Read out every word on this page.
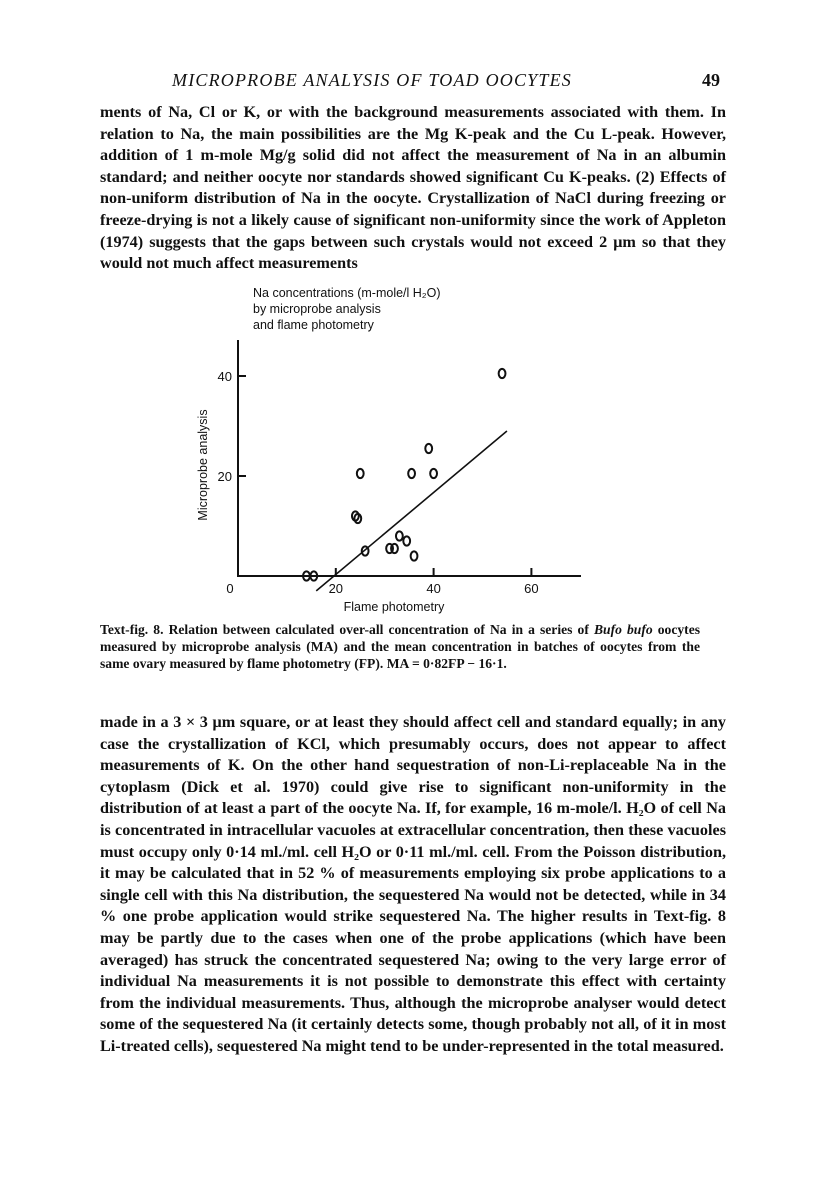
MICROPROBE ANALYSIS OF TOAD OOCYTES	49

ments of Na, Cl or K, or with the background measurements associated with them. In relation to Na, the main possibilities are the Mg K-peak and the Cu L-peak. However, addition of 1 m-mole Mg/g solid did not affect the measurement of Na in an albumin standard; and neither oocyte nor standards showed significant Cu K-peaks. (2) Effects of non-uniform distribution of Na in the oocyte. Crystallization of NaCl during freezing or freeze-drying is not a likely cause of significant non-uniformity since the work of Appleton (1974) suggests that the gaps between such crystals would not exceed 2 μm so that they would not much affect measurements

Na concentrations (m-mole/l H₂O)
by microprobe analysis
and flame photometry
20
40
20	40	60
0
Microprobe analysis
Flame photometry

Text-fig. 8. Relation between calculated over-all concentration of Na in a series of Bufo bufo oocytes measured by microprobe analysis (MA) and the mean concentration in batches of oocytes from the same ovary measured by flame photometry (FP). MA = 0·82FP − 16·1.

made in a 3 × 3 μm square, or at least they should affect cell and standard equally; in any case the crystallization of KCl, which presumably occurs, does not appear to affect measurements of K. On the other hand sequestration of non-Li-replaceable Na in the cytoplasm (Dick et al. 1970) could give rise to significant non-uniformity in the distribution of at least a part of the oocyte Na. If, for example, 16 m-mole/l. H₂O of cell Na is concentrated in intracellular vacuoles at extracellular concentration, then these vacuoles must occupy only 0·14 ml./ml. cell H₂O or 0·11 ml./ml. cell. From the Poisson distribution, it may be calculated that in 52 % of measurements employing six probe applications to a single cell with this Na distribution, the sequestered Na would not be detected, while in 34 % one probe application would strike sequestered Na. The higher results in Text-fig. 8 may be partly due to the cases when one of the probe applications (which have been averaged) has struck the concentrated sequestered Na; owing to the very large error of individual Na measurements it is not possible to demonstrate this effect with certainty from the individual measurements. Thus, although the microprobe analyser would detect some of the sequestered Na (it certainly detects some, though probably not all, of it in most Li-treated cells), sequestered Na might tend to be under-represented in the total measured.
